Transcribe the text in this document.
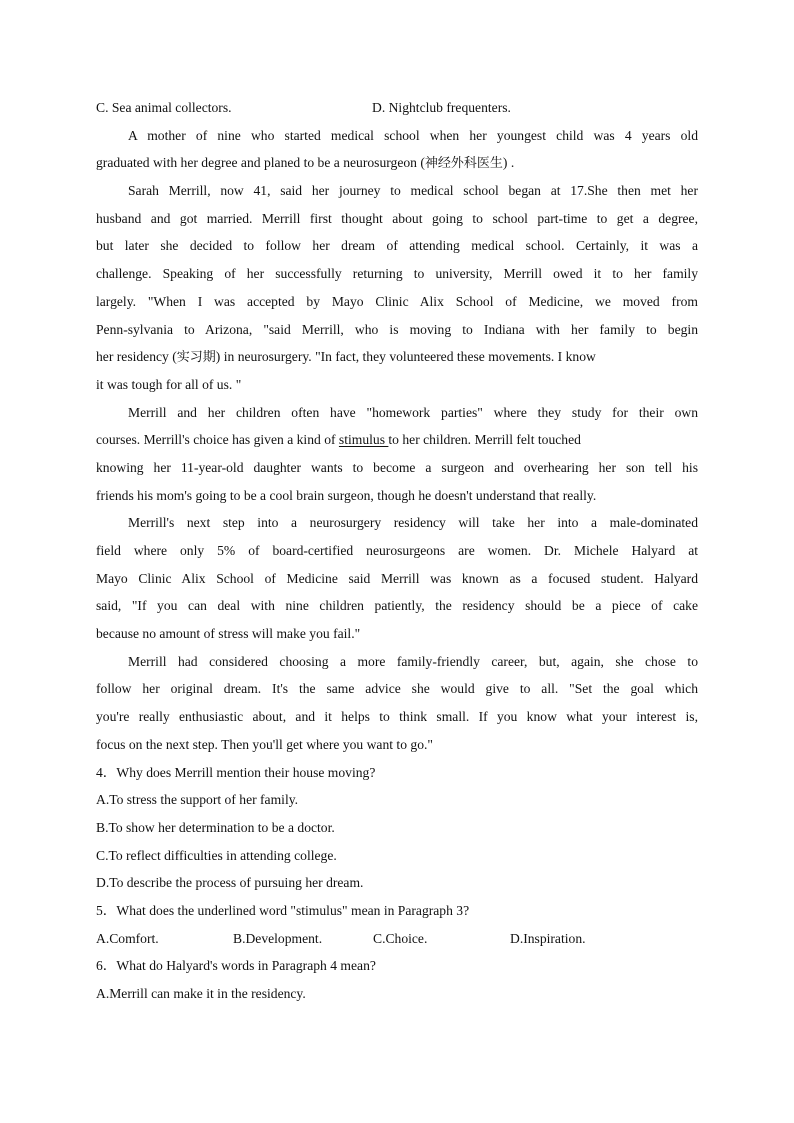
C. Sea animal collectors.	D. Nightclub frequenters.
A mother of nine who started medical school when her youngest child was 4 years old
graduated with her degree and planed to be a neurosurgeon (神经外科医生) .
Sarah Merrill, now 41, said her journey to medical school began at 17.She then met her
husband and got married. Merrill first thought about going to school part-time to get a degree,
but later she decided to follow her dream of attending medical school. Certainly, it was a
challenge. Speaking of her successfully returning to university, Merrill owed it to her family
largely. "When I was accepted by Mayo Clinic Alix School of Medicine, we moved from
Penn-sylvania to Arizona, "said Merrill, who is moving to Indiana with her family to begin
her residency (实习期) in neurosurgery. "In fact, they volunteered these movements. I know
it was tough for all of us. "
Merrill and her children often have "homework parties" where they study for their own
courses. Merrill's choice has given a kind of stimulus to her children. Merrill felt touched
knowing her 11-year-old daughter wants to become a surgeon and overhearing her son tell his
friends his mom's going to be a cool brain surgeon, though he doesn't understand that really.
Merrill's next step into a neurosurgery residency will take her into a male-dominated
field where only 5% of board-certified neurosurgeons are women. Dr. Michele Halyard at
Mayo Clinic Alix School of Medicine said Merrill was known as a focused student. Halyard
said, "If you can deal with nine children patiently, the residency should be a piece of cake
because no amount of stress will make you fail."
Merrill had considered choosing a more family-friendly career, but, again, she chose to
follow her original dream. It's the same advice she would give to all. "Set the goal which
you're really enthusiastic about, and it helps to think small. If you know what your interest is,
focus on the next step. Then you'll get where you want to go."
4．Why does Merrill mention their house moving?
A.To stress the support of her family.
B.To show her determination to be a doctor.
C.To reflect difficulties in attending college.
D.To describe the process of pursuing her dream.
5．What does the underlined word "stimulus" mean in Paragraph 3?
A.Comfort.	B.Development.	C.Choice.	D.Inspiration.
6．What do Halyard's words in Paragraph 4 mean?
A.Merrill can make it in the residency.
